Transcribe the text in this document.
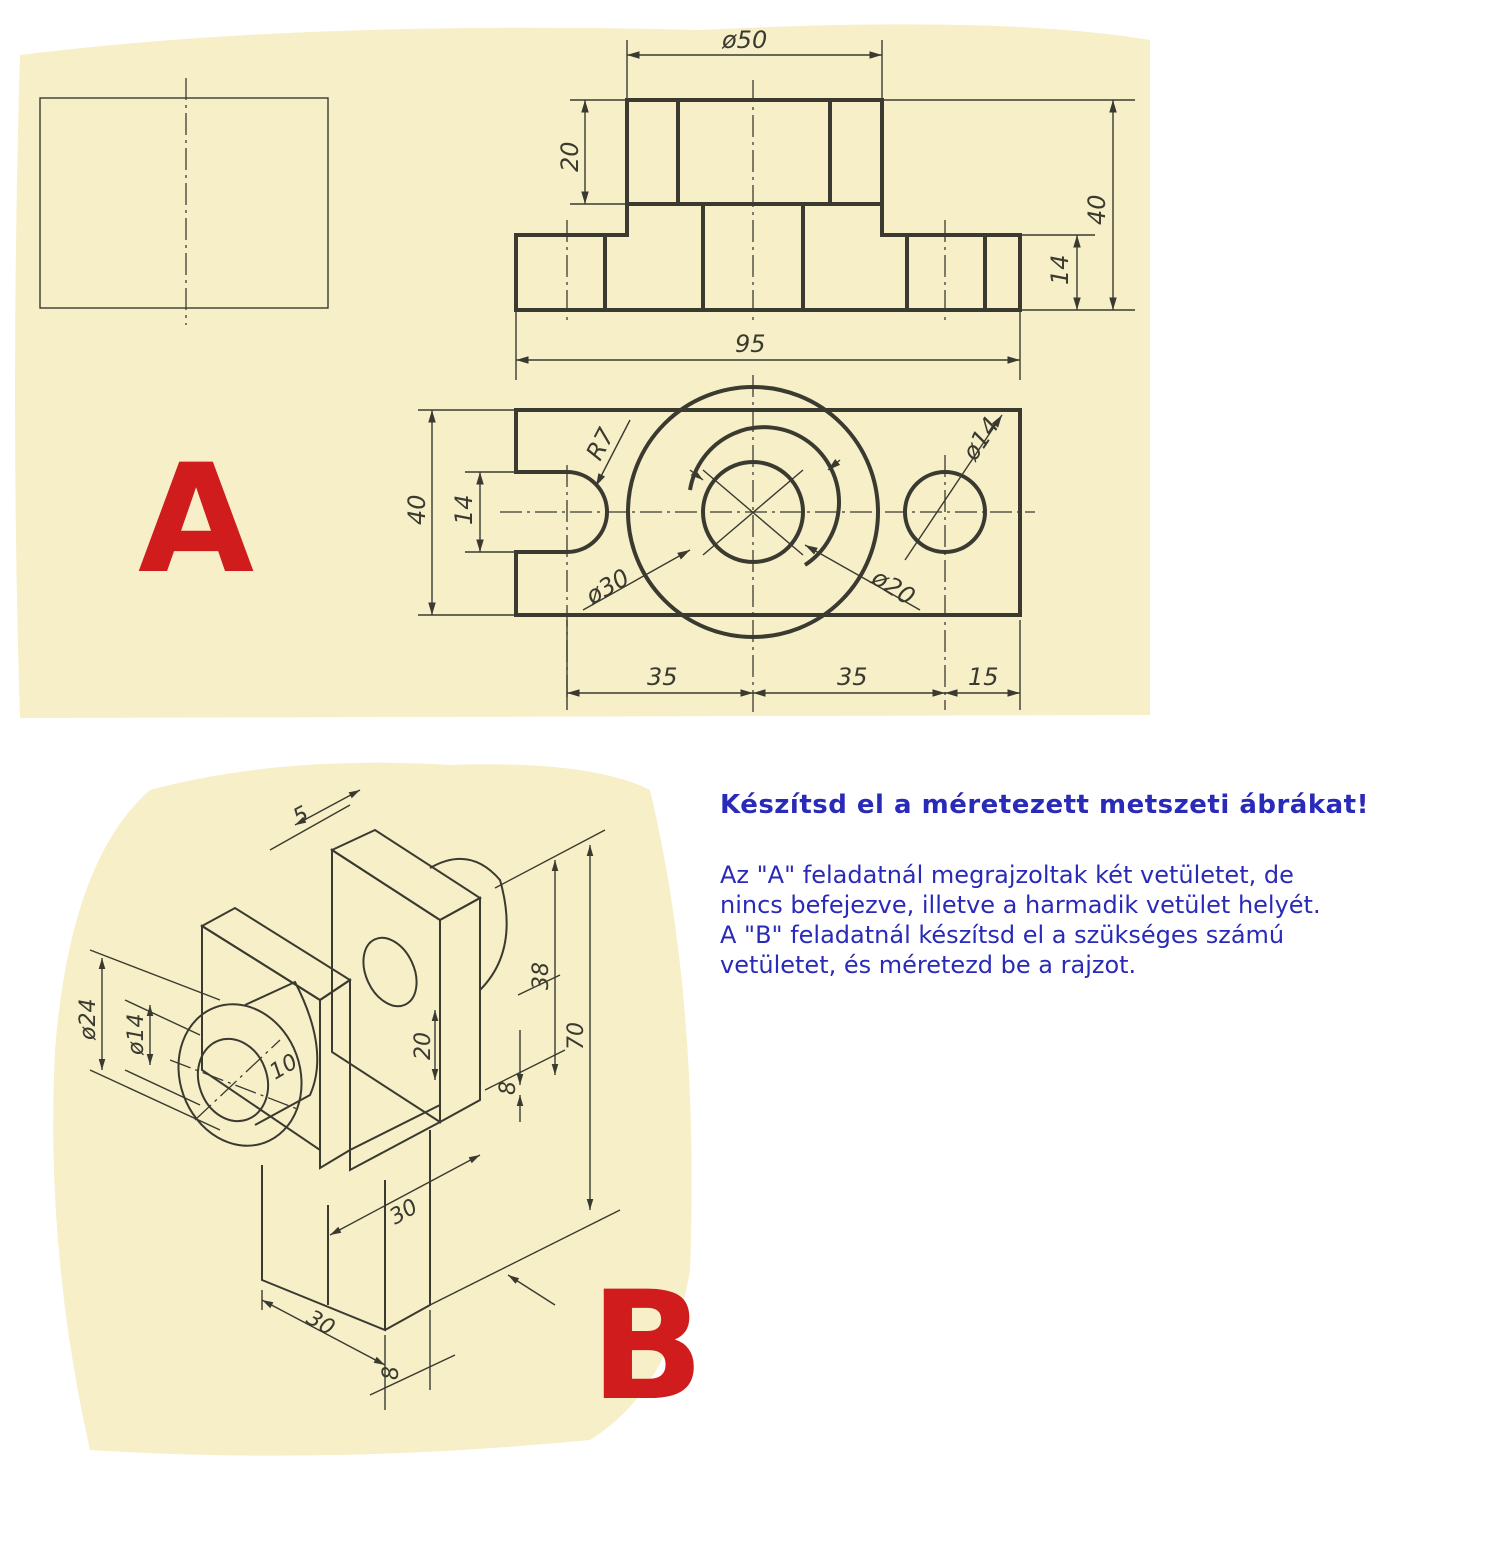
ø50
20
40
14
95
40 14
R7	ø14
ø30	ø20
35	35	15
A
5
38
70
ø24 ø14
10
20
8
30
30
8 B
Készítsd el a méretezett metszeti ábrákat!

Az "A" feladatnál megrajzoltak két vetületet, de

nincs befejezve, illetve a harmadik vetület helyét.

A "B" feladatnál készítsd el a szükséges számú

vetületet, és méretezd be a rajzot.
